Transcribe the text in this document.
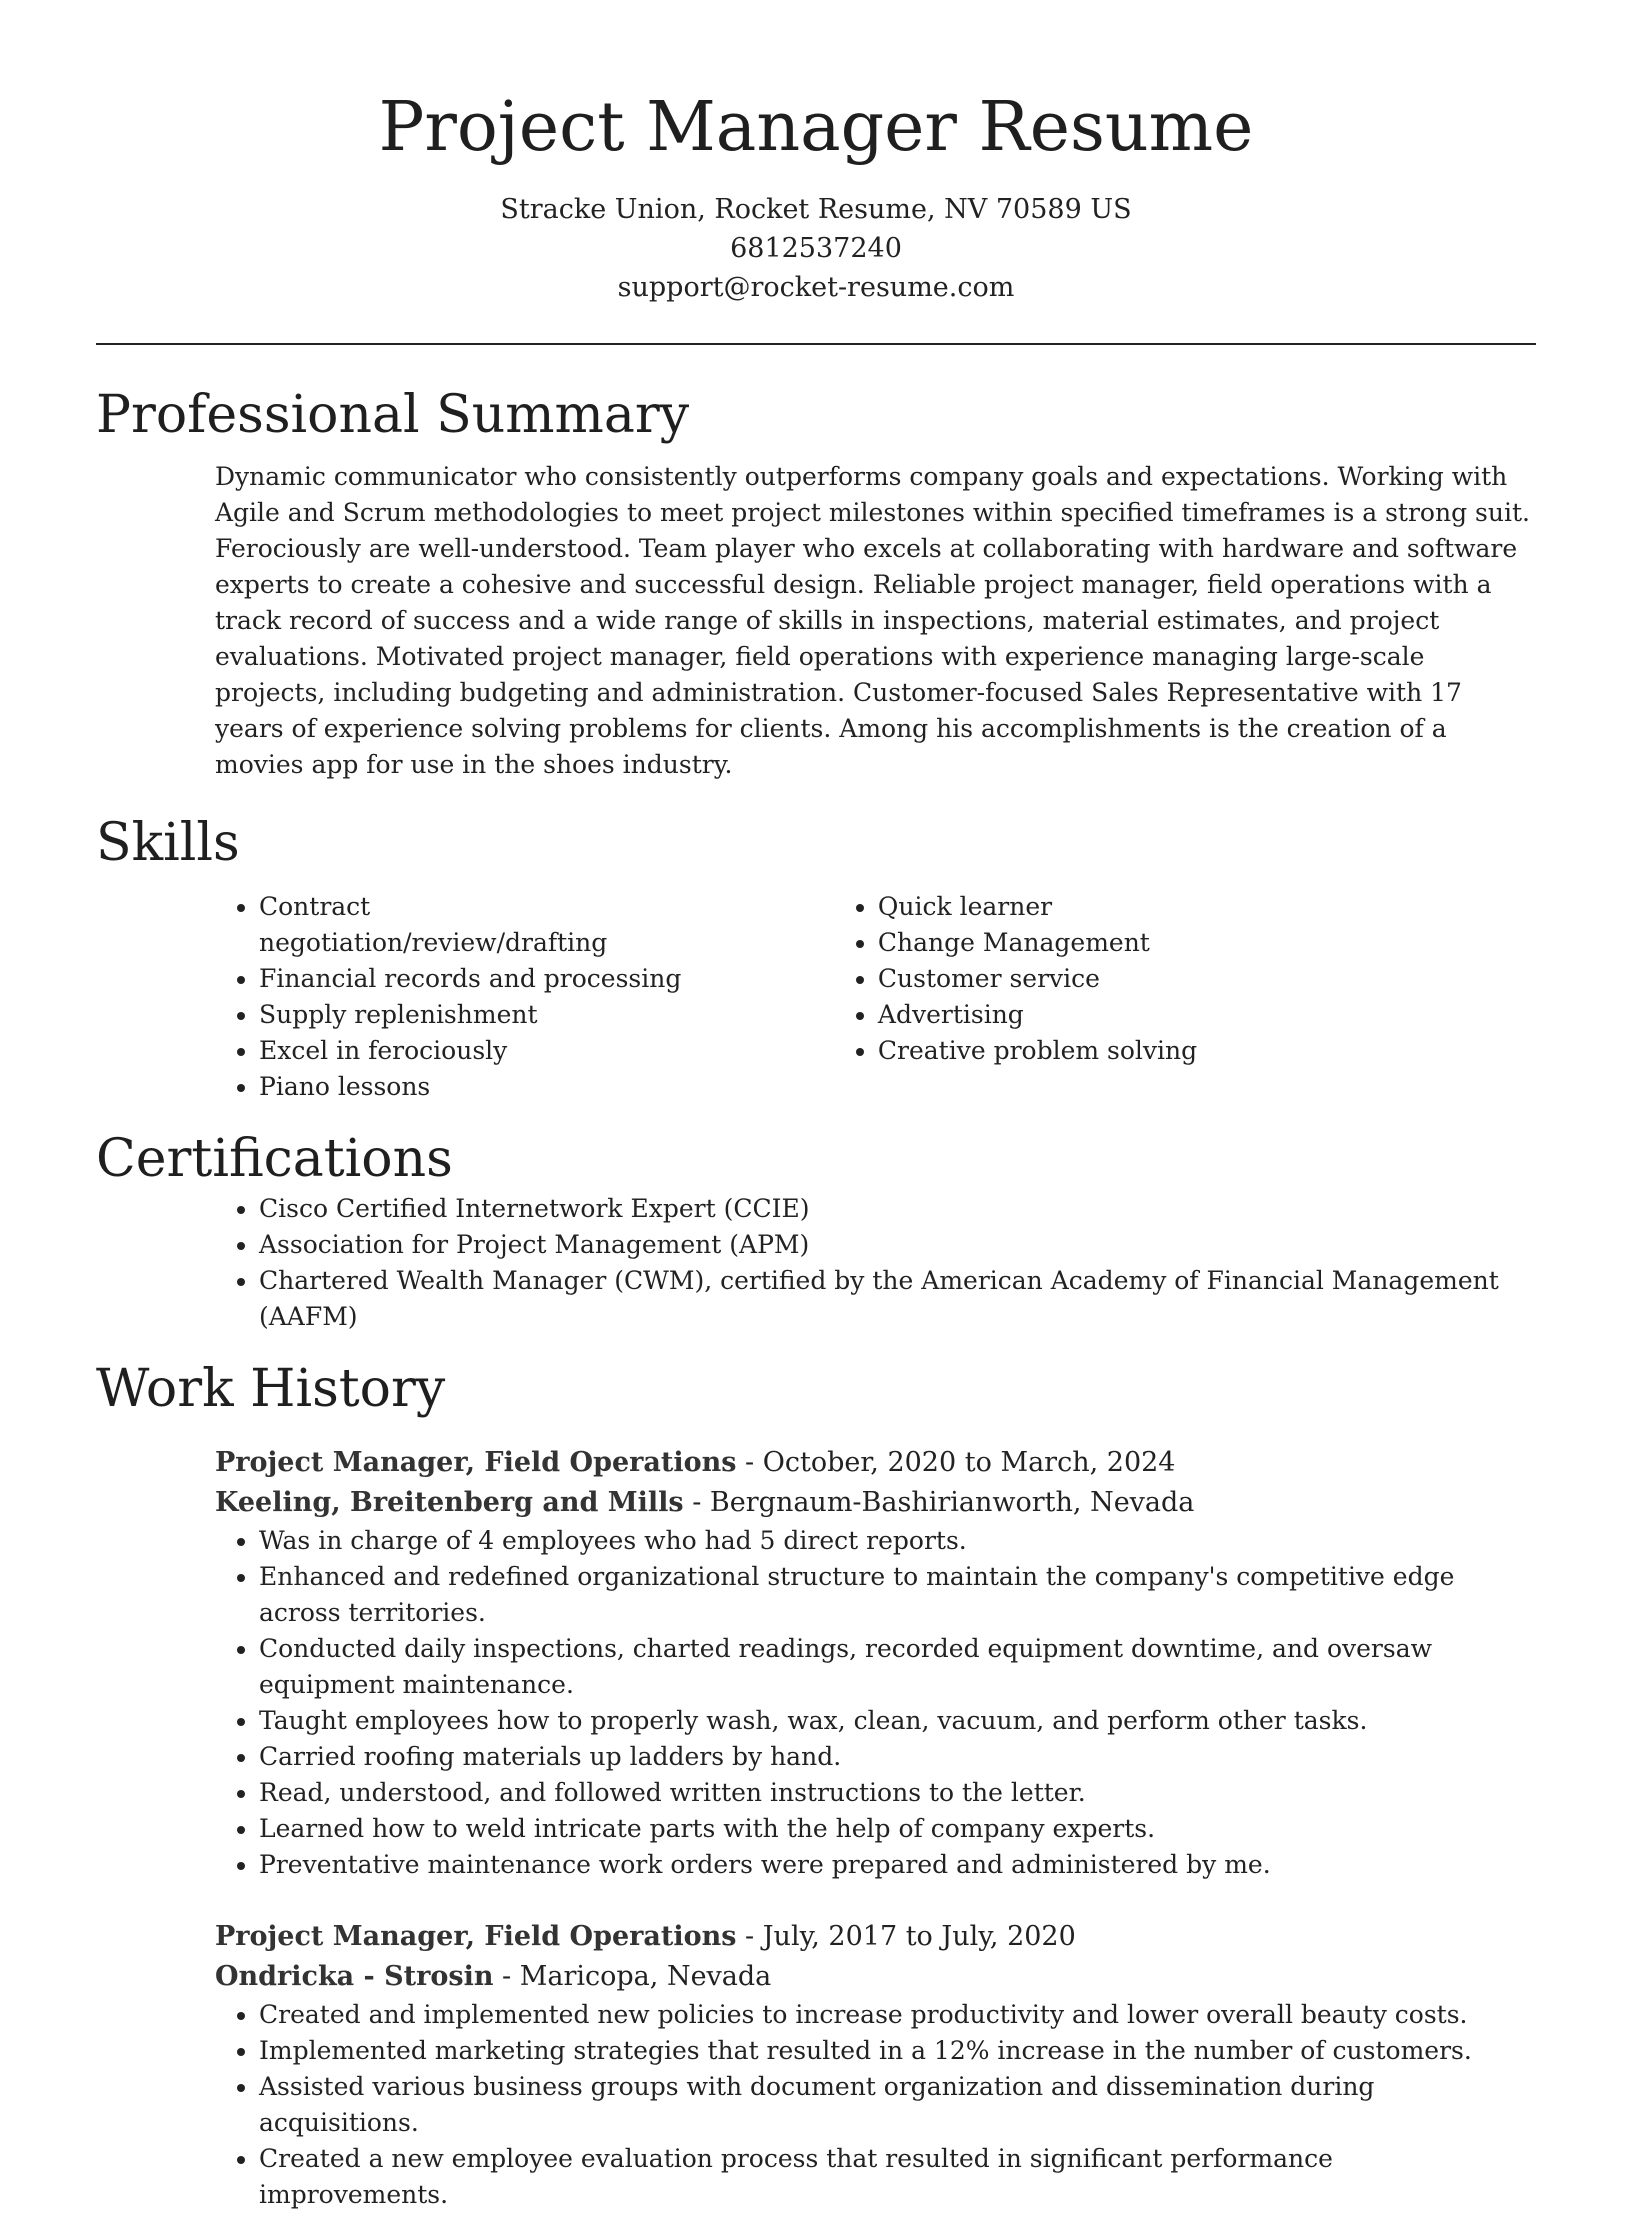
Project Manager Resume
Stracke Union, Rocket Resume, NV 70589 US
6812537240
support@rocket-resume.com
Professional Summary

Dynamic communicator who consistently outperforms company goals and expectations. Working with Agile and Scrum methodologies to meet project milestones within specified timeframes is a strong suit. Ferociously are well-understood. Team player who excels at collaborating with hardware and software experts to create a cohesive and successful design. Reliable project manager, field operations with a track record of success and a wide range of skills in inspections, material estimates, and project evaluations. Motivated project manager, field operations with experience managing large-scale projects, including budgeting and administration. Customer-focused Sales Representative with 17 years of experience solving problems for clients. Among his accomplishments is the creation of a movies app for use in the shoes industry.

Skills
• Contract negotiation/review/drafting
• Financial records and processing
• Supply replenishment
• Excel in ferociously
• Piano lessons
• Quick learner
• Change Management
• Customer service
• Advertising
• Creative problem solving
Certifications
• Cisco Certified Internetwork Expert (CCIE)
• Association for Project Management (APM)
• Chartered Wealth Manager (CWM), certified by the American Academy of Financial Management (AAFM)
Work History
Project Manager, Field Operations - October, 2020 to March, 2024
Keeling, Breitenberg and Mills - Bergnaum-Bashirianworth, Nevada
• Was in charge of 4 employees who had 5 direct reports.
• Enhanced and redefined organizational structure to maintain the company's competitive edge across territories.
• Conducted daily inspections, charted readings, recorded equipment downtime, and oversaw equipment maintenance.
• Taught employees how to properly wash, wax, clean, vacuum, and perform other tasks.
• Carried roofing materials up ladders by hand.
• Read, understood, and followed written instructions to the letter.
• Learned how to weld intricate parts with the help of company experts.
• Preventative maintenance work orders were prepared and administered by me.
Project Manager, Field Operations - July, 2017 to July, 2020
Ondricka - Strosin - Maricopa, Nevada
• Created and implemented new policies to increase productivity and lower overall beauty costs.
• Implemented marketing strategies that resulted in a 12% increase in the number of customers.
• Assisted various business groups with document organization and dissemination during acquisitions.
• Created a new employee evaluation process that resulted in significant performance improvements.
